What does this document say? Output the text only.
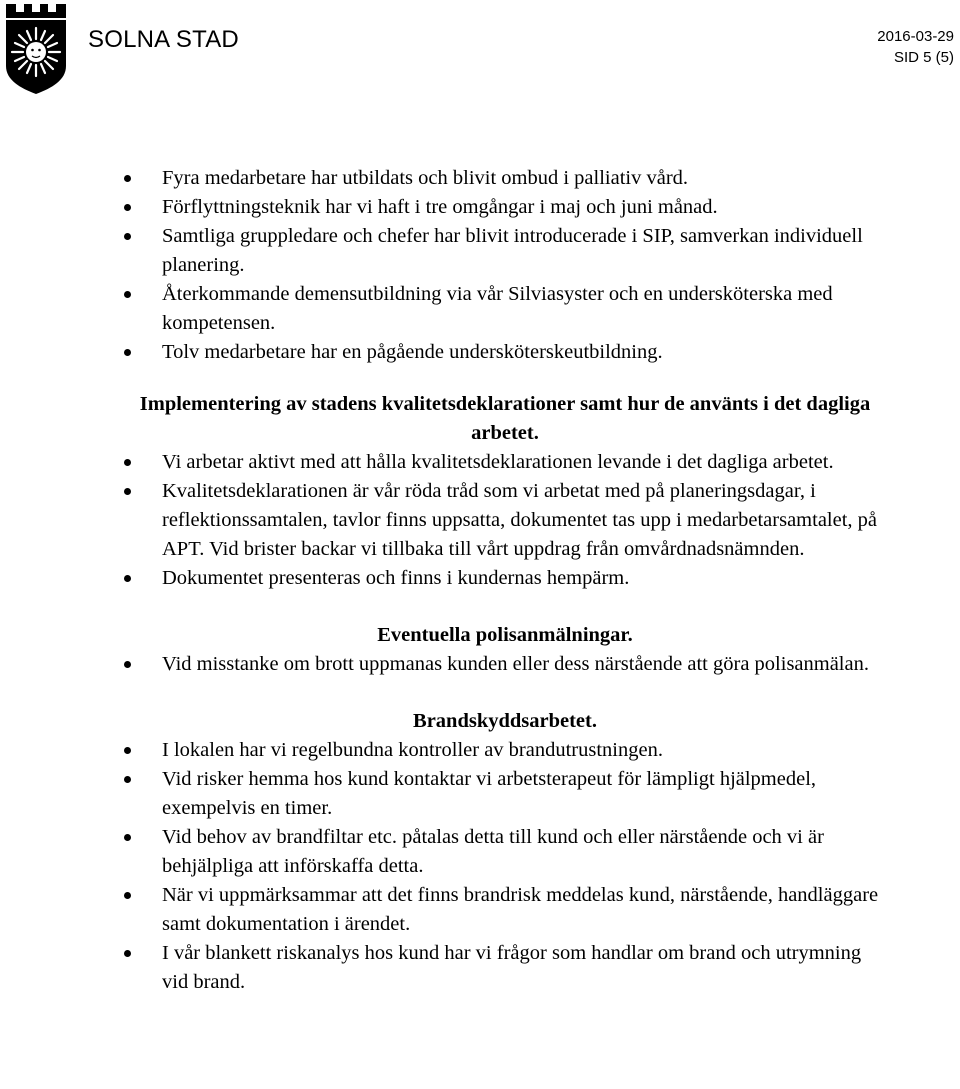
SOLNA STAD	2016-03-29
SID 5 (5)
Fyra medarbetare har utbildats och blivit ombud i palliativ vård.
Förflyttningsteknik har vi haft i tre omgångar i maj och juni månad.
Samtliga gruppledare och chefer har blivit introducerade i SIP, samverkan individuell planering.
Återkommande demensutbildning via vår Silviasyster och en undersköterska med kompetensen.
Tolv medarbetare har en pågående undersköterskeutbildning.
Implementering av stadens kvalitetsdeklarationer samt hur de använts i det dagliga arbetet.
Vi arbetar aktivt med att hålla kvalitetsdeklarationen levande i det dagliga arbetet.
Kvalitetsdeklarationen är vår röda tråd som vi arbetat med på planeringsdagar, i reflektionssamtalen, tavlor finns uppsatta, dokumentet tas upp i medarbetarsamtalet, på APT. Vid brister backar vi tillbaka till vårt uppdrag från omvårdnadsnämnden.
Dokumentet presenteras och finns i kundernas hempärm.
Eventuella polisanmälningar.
Vid misstanke om brott uppmanas kunden eller dess närstående att göra polisanmälan.
Brandskyddsarbetet.
I lokalen har vi regelbundna kontroller av brandutrustningen.
Vid risker hemma hos kund kontaktar vi arbetsterapeut för lämpligt hjälpmedel, exempelvis en timer.
Vid behov av brandfiltar etc. påtalas detta till kund och eller närstående och vi är behjälpliga att införskaffa detta.
När vi uppmärksammar att det finns brandrisk meddelas kund, närstående, handläggare samt dokumentation i ärendet.
I vår blankett riskanalys hos kund har vi frågor som handlar om brand och utrymning vid brand.
